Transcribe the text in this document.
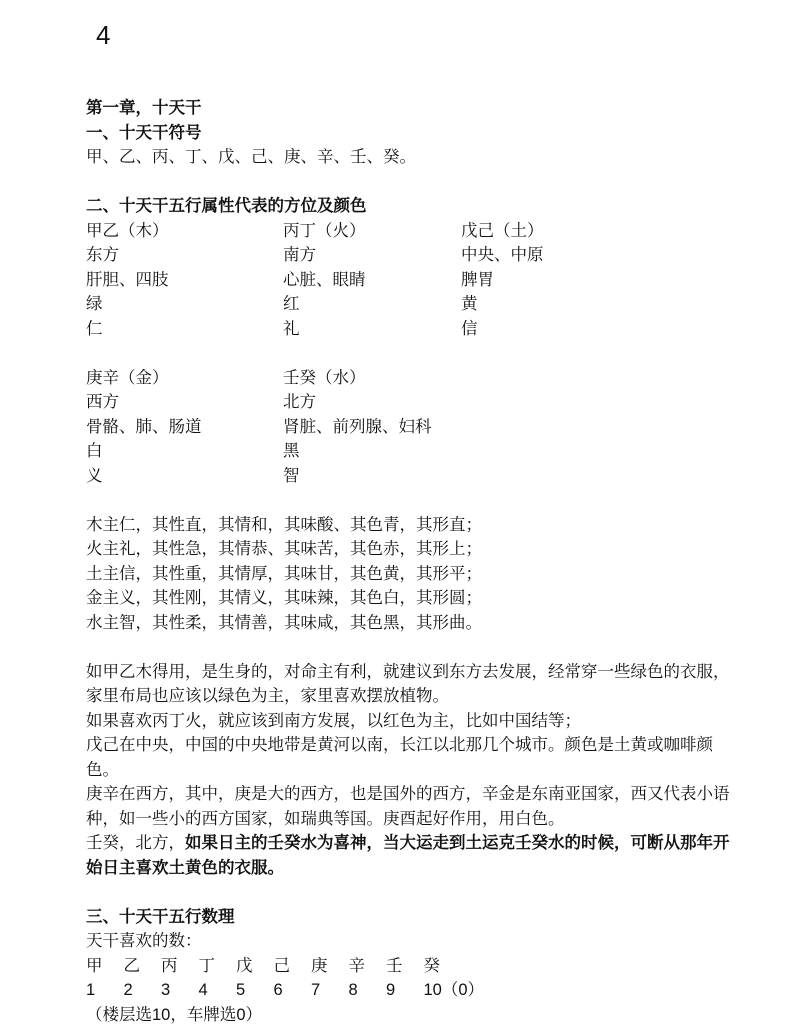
4
第一章，十天干
一、十天干符号
甲、乙、丙、丁、戊、己、庚、辛、壬、癸。
二、十天干五行属性代表的方位及颜色
甲乙（木）	丙丁（火）	戊己（土）
东方	南方	中央、中原
肝胆、四肢	心脏、眼睛	脾胃
绿	红	黄
仁	礼	信
庚辛（金）	壬癸（水）
西方	北方
骨骼、肺、肠道	肾脏、前列腺、妇科
白	黑
义	智
木主仁，其性直，其情和，其味酸、其色青，其形直；
火主礼，其性急，其情恭、其味苦，其色赤，其形上；
土主信，其性重，其情厚，其味甘，其色黄，其形平；
金主义，其性刚，其情义，其味辣，其色白，其形圆；
水主智，其性柔，其情善，其味咸，其色黑，其形曲。
如甲乙木得用，是生身的，对命主有利，就建议到东方去发展，经常穿一些绿色的衣服，家里布局也应该以绿色为主，家里喜欢摆放植物。
如果喜欢丙丁火，就应该到南方发展，以红色为主，比如中国结等；
戊己在中央，中国的中央地带是黄河以南，长江以北那几个城市。颜色是土黄或咖啡颜色。
庚辛在西方，其中，庚是大的西方，也是国外的西方，辛金是东南亚国家，西又代表小语种，如一些小的西方国家，如瑞典等国。庚酉起好作用，用白色。
壬癸，北方，如果日主的壬癸水为喜神，当大运走到土运克壬癸水的时候，可断从那年开始日主喜欢土黄色的衣服。
三、十天干五行数理
天干喜欢的数：
甲	乙	丙	丁	戊	己	庚	辛	壬	癸
1	2	3	4	5	6	7	8	9	10（0）
（楼层选10，车牌选0）
